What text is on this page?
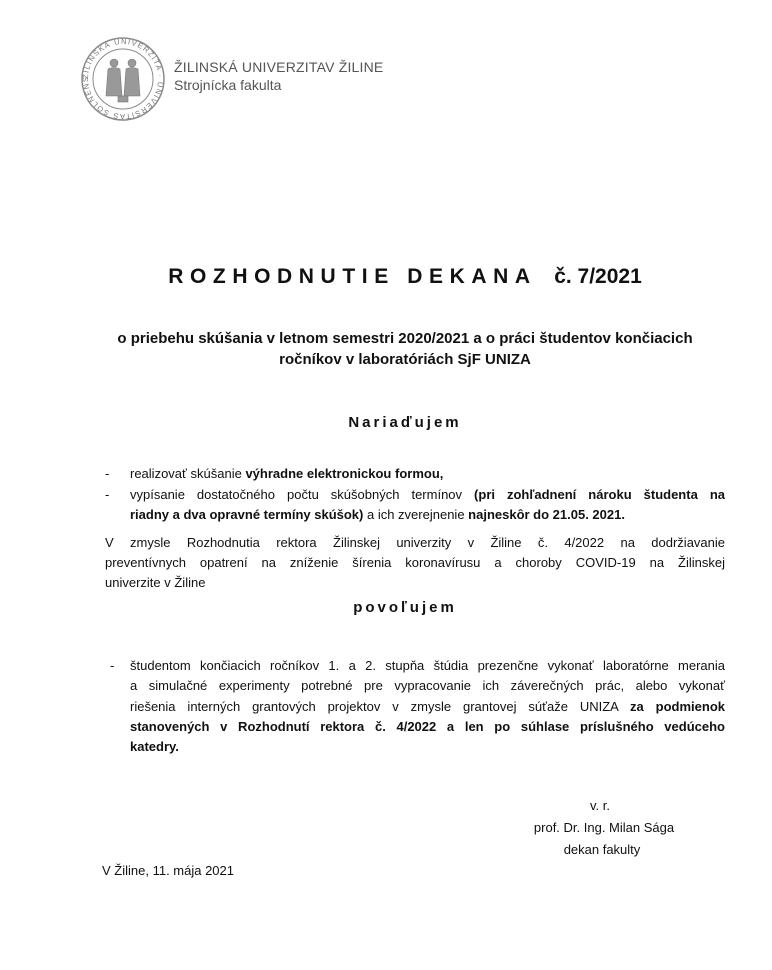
ŽILINSKÁ UNIVERZITA · UNIVERSITAS SOLNENS
ŽILINSKÁ UNIVERZITAV ŽILINE
Strojnícka fakulta
ROZHODNUTIE DEKANA č. 7/2021
o priebehu skúšania v letnom semestri 2020/2021 a o práci študentov končiacich
ročníkov v laboratóriách SjF UNIZA
Nariaďujem
- realizovať skúšanie výhradne elektronickou formou,
- vypísanie dostatočného počtu skúšobných termínov (pri zohľadnení nároku študenta na
riadny a dva opravné termíny skúšok) a ich zverejnenie najneskôr do 21.05. 2021.
V zmysle Rozhodnutia rektora Žilinskej univerzity v Žiline č. 4/2022 na dodržiavanie
preventívnych opatrení na zníženie šírenia koronavírusu a choroby COVID-19 na Žilinskej
univerzite v Žiline
povoľujem
- študentom končiacich ročníkov 1. a 2. stupňa štúdia prezenčne vykonať laboratórne merania
a simulačné experimenty potrebné pre vypracovanie ich záverečných prác, alebo vykonať
riešenia interných grantových projektov v zmysle grantovej súťaže UNIZA za podmienok
stanovených v Rozhodnutí rektora č. 4/2022 a len po súhlase príslušného vedúceho
katedry.
v. r.
prof. Dr. Ing. Milan Sága
dekan fakulty
V Žiline, 11. mája 2021
